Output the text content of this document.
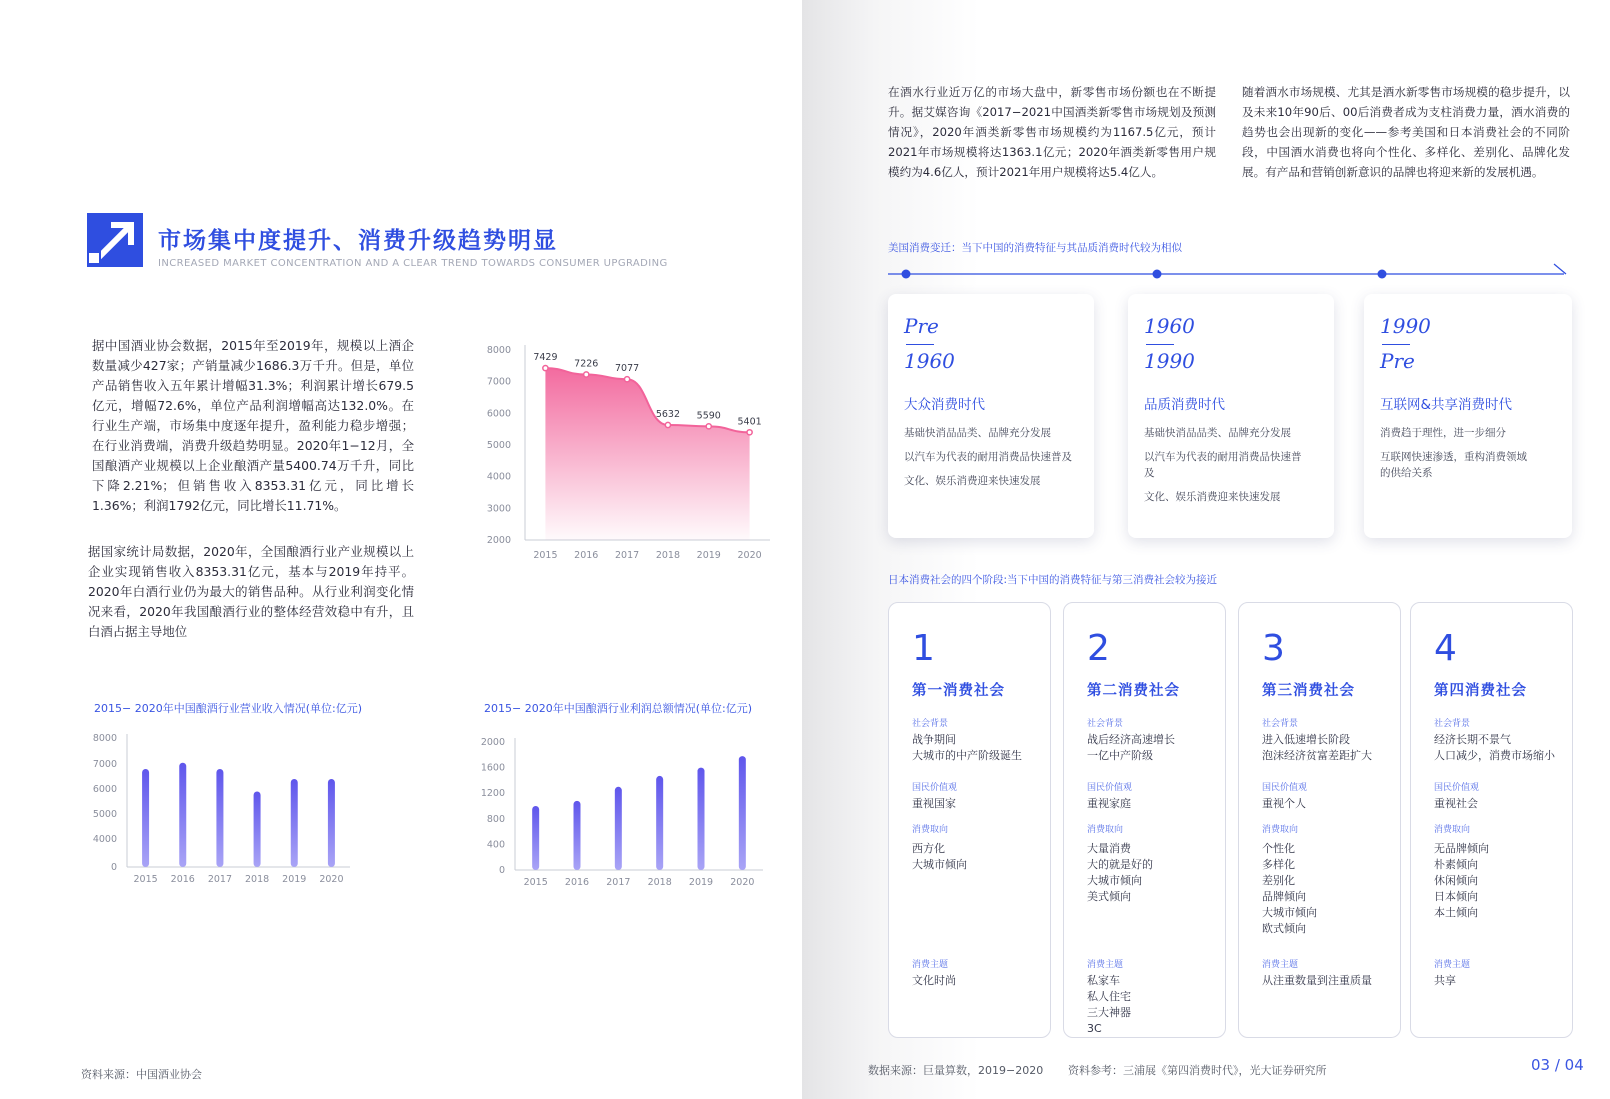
市场集中度提升、消费升级趋势明显
INCREASED MARKET CONCENTRATION AND A CLEAR TREND TOWARDS CONSUMER UPGRADING
据中国酒业协会数据，2015年至2019年，规模以上酒企数量减少427家；产销量减少1686.3万千升。但是，单位产品销售收入五年累计增幅31.3%；利润累计增长679.5亿元，增幅72.6%，单位产品利润增幅高达132.0%。在行业生产端，市场集中度逐年提升，盈利能力稳步增强；在行业消费端，消费升级趋势明显。2020年1−12月，全国酿酒产业规模以上企业酿酒产量5400.74万千升，同比下降2.21%；但销售收入8353.31亿元，同比增长1.36%；利润1792亿元，同比增长11.71%。
据国家统计局数据，2020年，全国酿酒行业产业规模以上企业实现销售收入8353.31亿元，基本与2019年持平。2020年白酒行业仍为最大的销售品种。从行业利润变化情况来看，2020年我国酿酒行业的整体经营效稳中有升，且白酒占据主导地位
8000
7000
6000
5000
4000
3000
2000
2015 2016 2017 2018 2019 2020
7429
7226 7077
5632 5590
5401
2015− 2020年中国酿酒行业营业收入情况(单位:亿元)	2015− 2020年中国酿酒行业利润总额情况(单位:亿元)
8000
7000
6000
5000
4000
0
2015 2016 2017 2018 2019 2020
2000
1600
1200
800
400
0
2015 2016 2017 2018 2019 2020
资料来源：中国酒业协会
在酒水行业近万亿的市场大盘中，新零售市场份额也在不断提升。据艾媒咨询《2017−2021中国酒类新零售市场规划及预测情况》，2020年酒类新零售市场规模约为1167.5亿元，预计2021年市场规模将达1363.1亿元；2020年酒类新零售用户规模约为4.6亿人，预计2021年用户规模将达5.4亿人。
随着酒水市场规模、尤其是酒水新零售市场规模的稳步提升，以及未来10年90后、00后消费者成为支柱消费力量，酒水消费的趋势也会出现新的变化——参考美国和日本消费社会的不同阶段，中国酒水消费也将向个性化、多样化、差别化、品牌化发展。有产品和营销创新意识的品牌也将迎来新的发展机遇。
美国消费变迁：当下中国的消费特征与其品质消费时代较为相似
Pre
1960
大众消费时代
基础快消品品类、品牌充分发展
以汽车为代表的耐用消费品快速普及
文化、娱乐消费迎来快速发展
1960
1990
品质消费时代
基础快消品品类、品牌充分发展
以汽车为代表的耐用消费品快速普及
文化、娱乐消费迎来快速发展
1990
Pre
互联网&共享消费时代
消费趋于理性，进一步细分
互联网快速渗透，重构消费领域的供给关系
日本消费社会的四个阶段:当下中国的消费特征与第三消费社会较为接近
1
第一消费社会
社会背景
战争期间
大城市的中产阶级诞生
国民价值观
重视国家
消费取向
西方化
大城市倾向
消费主题
文化时尚
2
第二消费社会
社会背景
战后经济高速增长
一亿中产阶级
国民价值观
重视家庭
消费取向
大量消费
大的就是好的
大城市倾向
美式倾向
消费主题
私家车
私人住宅
三大神器
3C
3
第三消费社会
社会背景
进入低速增长阶段
泡沫经济贫富差距扩大
国民价值观
重视个人
消费取向
个性化
多样化
差别化
品牌倾向
大城市倾向
欧式倾向
消费主题
从注重数量到注重质量
4
第四消费社会
社会背景
经济长期不景气
人口减少，消费市场缩小
国民价值观
重视社会
消费取向
无品牌倾向
朴素倾向
休闲倾向
日本倾向
本土倾向
消费主题
共享
数据来源：巨量算数，2019−2020 资料参考：三浦展《第四消费时代》，光大证券研究所	03 / 04
